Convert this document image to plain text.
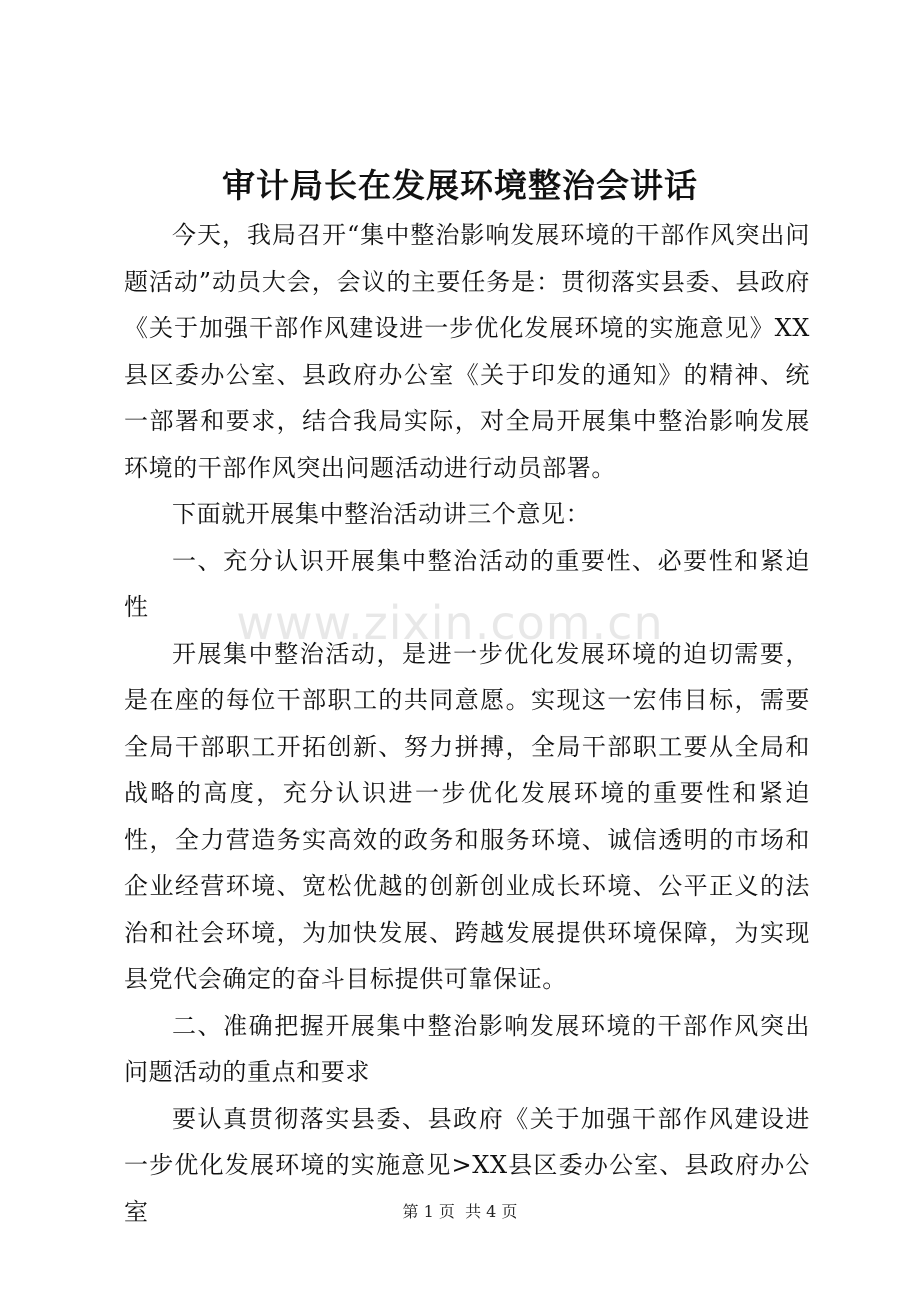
审计局长在发展环境整治会讲话

今天，我局召开“集中整治影响发展环境的干部作风突出问题活动”动员大会，会议的主要任务是：贯彻落实县委、县政府《关于加强干部作风建设进一步优化发展环境的实施意见》XX县区委办公室、县政府办公室《关于印发的通知》的精神、统一部署和要求，结合我局实际，对全局开展集中整治影响发展环境的干部作风突出问题活动进行动员部署。

下面就开展集中整治活动讲三个意见：

一、充分认识开展集中整治活动的重要性、必要性和紧迫性

开展集中整治活动，是进一步优化发展环境的迫切需要，是在座的每位干部职工的共同意愿。实现这一宏伟目标，需要全局干部职工开拓创新、努力拼搏，全局干部职工要从全局和战略的高度，充分认识进一步优化发展环境的重要性和紧迫性，全力营造务实高效的政务和服务环境、诚信透明的市场和企业经营环境、宽松优越的创新创业成长环境、公平正义的法治和社会环境，为加快发展、跨越发展提供环境保障，为实现县党代会确定的奋斗目标提供可靠保证。

二、准确把握开展集中整治影响发展环境的干部作风突出问题活动的重点和要求

要认真贯彻落实县委、县政府《关于加强干部作风建设进一步优化发展环境的实施意见>XX县区委办公室、县政府办公室

www.zixin.com.cn
第 1 页  共 4 页
